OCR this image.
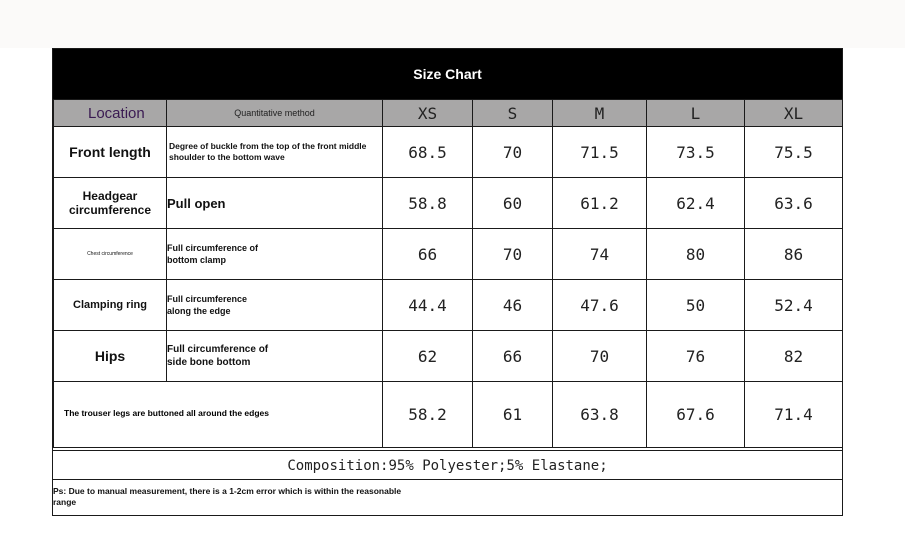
Size Chart
Location	Quantitative method	XS	S	M	L	XL
Front length	Degree of buckle from the top of the front middle shoulder to the bottom wave	68.5	70	71.5	73.5	75.5
Headgear circumference	Pull open	58.8	60	61.2	62.4	63.6
Chest circumference	Full circumference of bottom clamp	66	70	74	80	86
Clamping ring	Full circumference along the edge	44.4	46	47.6	50	52.4
Hips	Full circumference of side bone bottom	62	66	70	76	82
The trouser legs are buttoned all around the edges		58.2	61	63.8	67.6	71.4
Composition:95% Polyester;5% Elastane;
Ps: Due to manual measurement, there is a 1-2cm error which is within the reasonable range
